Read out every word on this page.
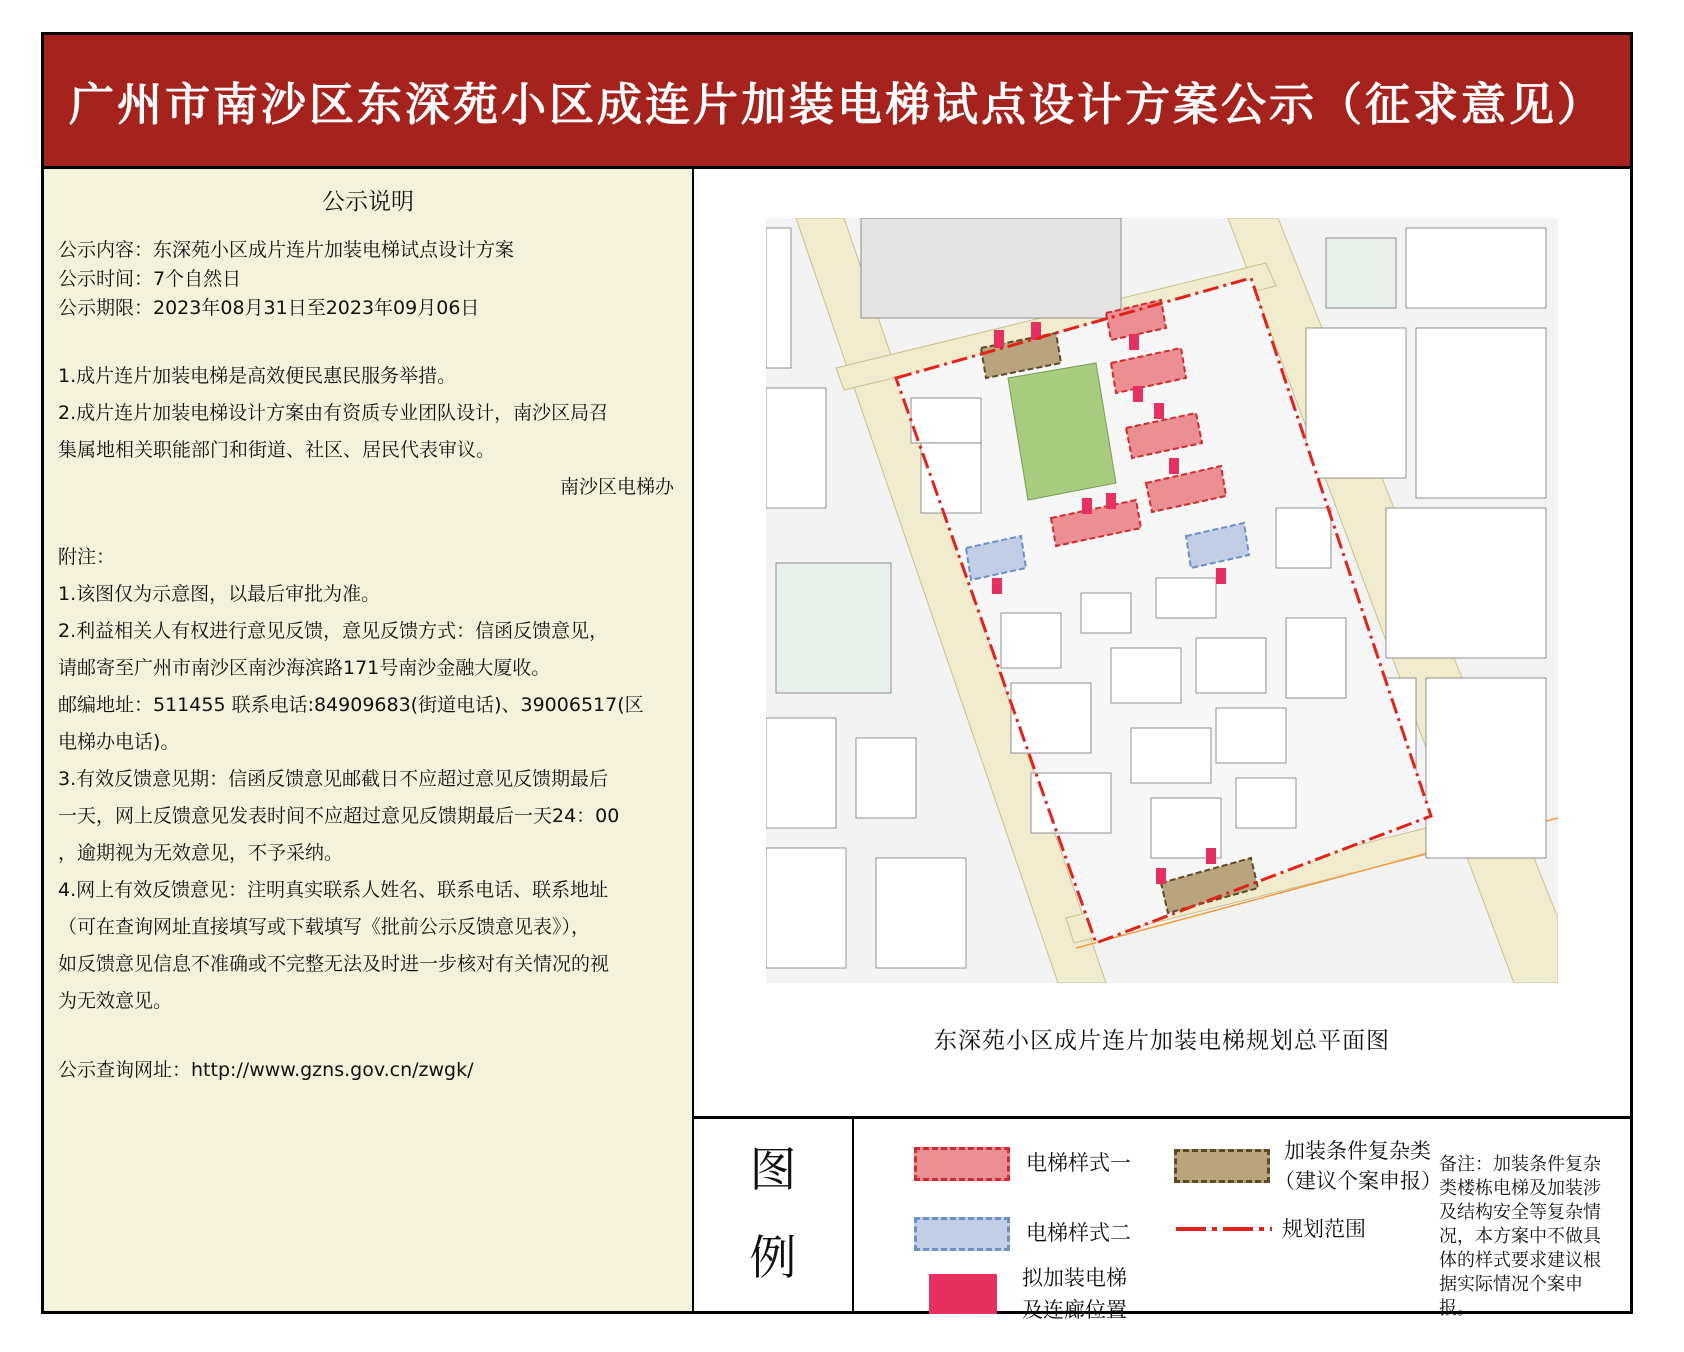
广州市南沙区东深苑小区成连片加装电梯试点设计方案公示（征求意见）
公示说明

公示内容：东深苑小区成片连片加装电梯试点设计方案

公示时间：7个自然日

公示期限：2023年08月31日至2023年09月06日

1.成片连片加装电梯是高效便民惠民服务举措。

2.成片连片加装电梯设计方案由有资质专业团队设计，南沙区局召

集属地相关职能部门和街道、社区、居民代表审议。

南沙区电梯办

附注：

1.该图仅为示意图，以最后审批为准。

2.利益相关人有权进行意见反馈，意见反馈方式：信函反馈意见，

请邮寄至广州市南沙区南沙海滨路171号南沙金融大厦收。

邮编地址：511455 联系电话:84909683(街道电话)、39006517(区

电梯办电话)。

3.有效反馈意见期：信函反馈意见邮截日不应超过意见反馈期最后

一天，网上反馈意见发表时间不应超过意见反馈期最后一天24：00

，逾期视为无效意见，不予采纳。

4.网上有效反馈意见：注明真实联系人姓名、联系电话、联系地址

（可在查询网址直接填写或下载填写《批前公示反馈意见表》），

如反馈意见信息不准确或不完整无法及时进一步核对有关情况的视

为无效意见。

公示查询网址：http://www.gzns.gov.cn/zwgk/

东深苑小区成片连片加装电梯规划总平面图
图
例
电梯样式一
电梯样式二
拟加装电梯
及连廊位置
加装条件复杂类
（建议个案申报）
规划范围
备注：加装条件复杂类楼栋电梯及加装涉及结构安全等复杂情况，本方案中不做具体的样式要求建议根据实际情况个案申报。
